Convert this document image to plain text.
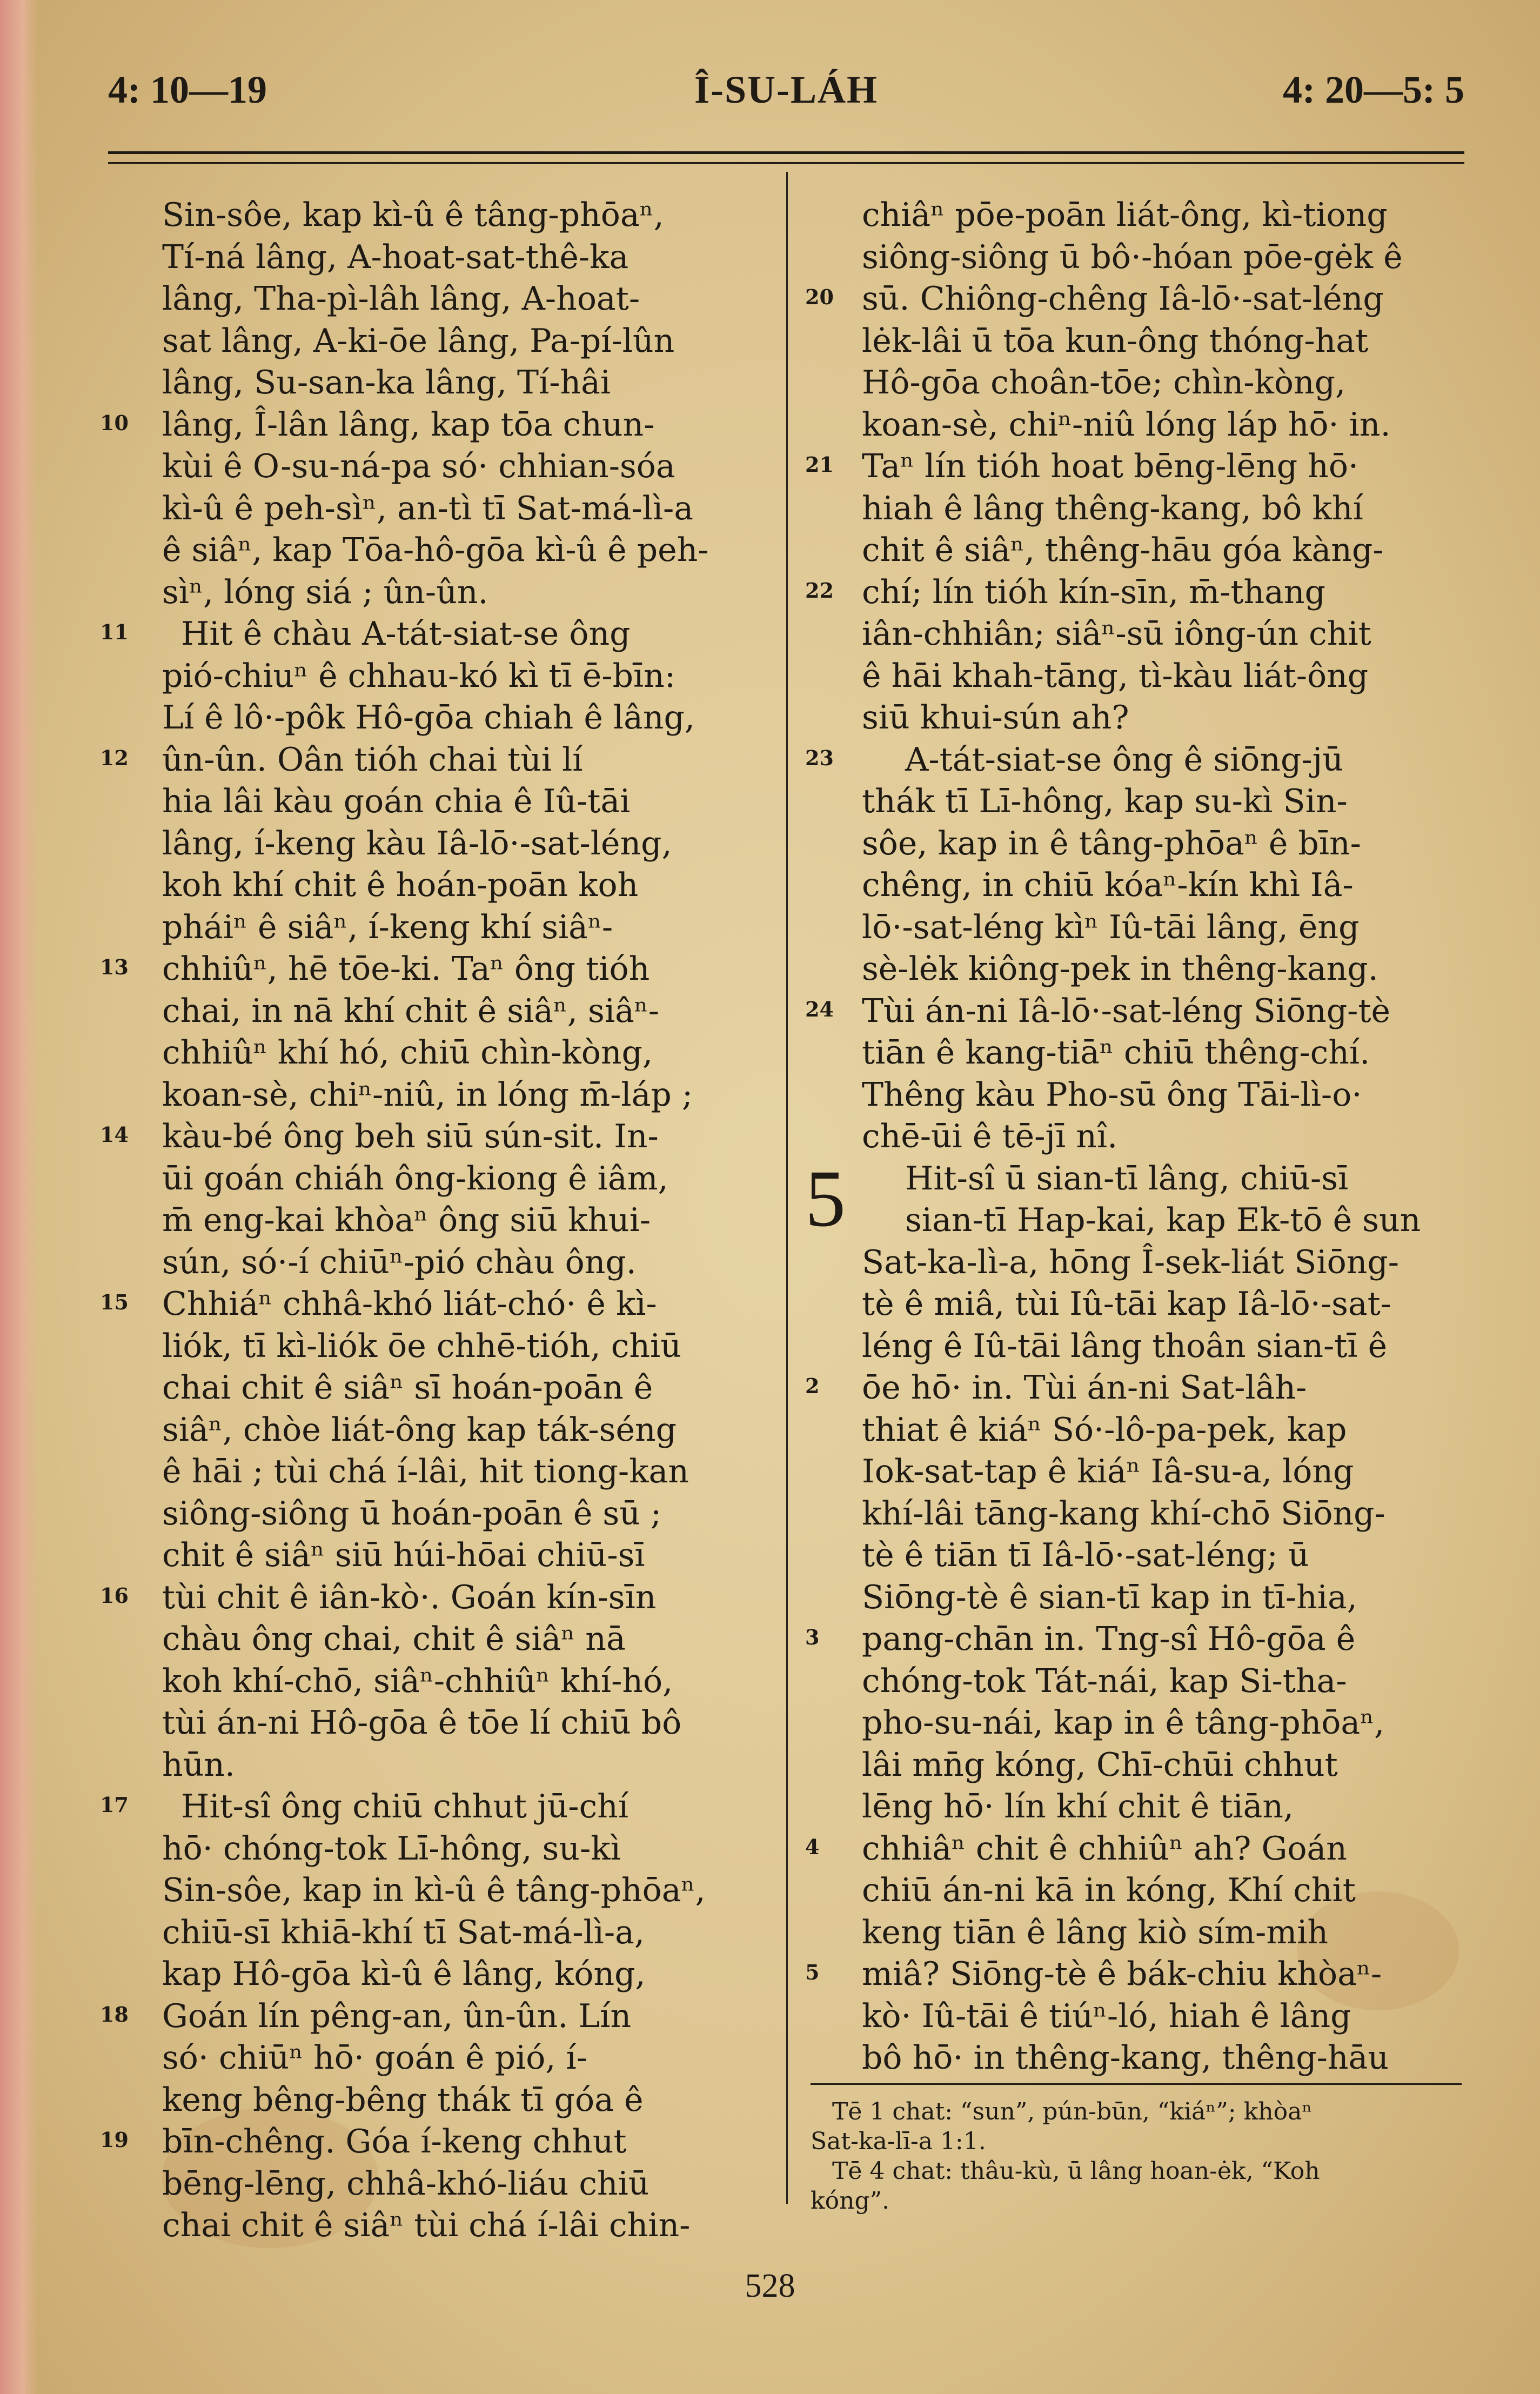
4: 10—19	Î-SU-LÁH	4: 20—5: 5
Sin-sôe, kap kì-û ê tâng-phōaⁿ,
Tí-ná lâng, A-hoat-sat-thê-ka
lâng, Tha-pì-lâh lâng, A-hoat-
sat lâng, A-ki-ōe lâng, Pa-pí-lûn
lâng, Su-san-ka lâng, Tí-hâi
10 lâng, Î-lân lâng, kap tōa chun-
kùi ê O-su-ná-pa só· chhian-sóa
kì-û ê peh-sìⁿ, an-tì tī Sat-má-lì-a
ê siâⁿ, kap Tōa-hô-gōa kì-û ê peh-
sìⁿ, lóng siá ; ûn-ûn.
11 Hit ê chàu A-tát-siat-se ông
pió-chiuⁿ ê chhau-kó kì tī ē-bīn:
Lí ê lô·-pôk Hô-gōa chiah ê lâng,
12 ûn-ûn. Oân tióh chai tùi lí
hia lâi kàu goán chia ê Iû-tāi
lâng, í-keng kàu Iâ-lō·-sat-léng,
koh khí chit ê hoán-poān koh
pháiⁿ ê siâⁿ, í-keng khí siâⁿ-
13 chhiûⁿ, hē tōe-ki. Taⁿ ông tióh
chai, in nā khí chit ê siâⁿ, siâⁿ-
chhiûⁿ khí hó, chiū chìn-kòng,
koan-sè, chiⁿ-niû, in lóng m̄-láp ;
14 kàu-bé ông beh siū sún-sit. In-
ūi goán chiáh ông-kiong ê iâm,
m̄ eng-kai khòaⁿ ông siū khui-
sún, só·-í chiūⁿ-pió chàu ông.
15 Chhiáⁿ chhâ-khó liát-chó· ê kì-
liók, tī kì-liók ōe chhē-tióh, chiū
chai chit ê siâⁿ sī hoán-poān ê
siâⁿ, chòe liát-ông kap ták-séng
ê hāi ; tùi chá í-lâi, hit tiong-kan
siông-siông ū hoán-poān ê sū ;
chit ê siâⁿ siū húi-hōai chiū-sī
16 tùi chit ê iân-kò·. Goán kín-sīn
chàu ông chai, chit ê siâⁿ nā
koh khí-chō, siâⁿ-chhiûⁿ khí-hó,
tùi án-ni Hô-gōa ê tōe lí chiū bô
hūn.
17 Hit-sî ông chiū chhut jū-chí
hō· chóng-tok Lī-hông, su-kì
Sin-sôe, kap in kì-û ê tâng-phōaⁿ,
chiū-sī khiā-khí tī Sat-má-lì-a,
kap Hô-gōa kì-û ê lâng, kóng,
18 Goán lín pêng-an, ûn-ûn. Lín
só· chiūⁿ hō· goán ê pió, í-
keng bêng-bêng thák tī góa ê
19 bīn-chêng. Góa í-keng chhut
bēng-lēng, chhâ-khó-liáu chiū
chai chit ê siâⁿ tùi chá í-lâi chin-
chiâⁿ pōe-poān liát-ông, kì-tiong
siông-siông ū bô·-hóan pōe-gėk ê
20 sū. Chiông-chêng Iâ-lō·-sat-léng
lėk-lâi ū tōa kun-ông thóng-hat
Hô-gōa choân-tōe; chìn-kòng,
koan-sè, chiⁿ-niû lóng láp hō· in.
21 Taⁿ lín tióh hoat bēng-lēng hō·
hiah ê lâng thêng-kang, bô khí
chit ê siâⁿ, thêng-hāu góa kàng-
22 chí; lín tióh kín-sīn, m̄-thang
iân-chhiân; siâⁿ-sū iông-ún chit
ê hāi khah-tāng, tì-kàu liát-ông
siū khui-sún ah?
23 A-tát-siat-se ông ê siōng-jū
thák tī Lī-hông, kap su-kì Sin-
sôe, kap in ê tâng-phōaⁿ ê bīn-
chêng, in chiū kóaⁿ-kín khì Iâ-
lō·-sat-léng kìⁿ Iû-tāi lâng, ēng
sè-lėk kiông-pek in thêng-kang.
24 Tùi án-ni Iâ-lō·-sat-léng Siōng-tè
tiān ê kang-tiāⁿ chiū thêng-chí.
Thêng kàu Pho-sū ông Tāi-lì-o·
chē-ūi ê tē-jī nî.
5 Hit-sî ū sian-tī lâng, chiū-sī
sian-tī Hap-kai, kap Ek-tō ê sun
Sat-ka-lì-a, hōng Î-sek-liát Siōng-
tè ê miâ, tùi Iû-tāi kap Iâ-lō·-sat-
léng ê Iû-tāi lâng thoân sian-tī ê
2 ōe hō· in. Tùi án-ni Sat-lâh-
thiat ê kiáⁿ Só·-lô-pa-pek, kap
Iok-sat-tap ê kiáⁿ Iâ-su-a, lóng
khí-lâi tāng-kang khí-chō Siōng-
tè ê tiān tī Iâ-lō·-sat-léng; ū
Siōng-tè ê sian-tī kap in tī-hia,
3 pang-chān in. Tng-sî Hô-gōa ê
chóng-tok Tát-nái, kap Si-tha-
pho-su-nái, kap in ê tâng-phōaⁿ,
lâi mn̄g kóng, Chī-chūi chhut
lēng hō· lín khí chit ê tiān,
4 chhiâⁿ chit ê chhiûⁿ ah? Goán
chiū án-ni kā in kóng, Khí chit
keng tiān ê lâng kiò sím-mih
5 miâ? Siōng-tè ê bák-chiu khòaⁿ-
kò· Iû-tāi ê tiúⁿ-ló, hiah ê lâng
bô hō· in thêng-kang, thêng-hāu
Tē 1 chat: “sun”, pún-būn, “kiáⁿ”; khòaⁿ
Sat-ka-lī-a 1:1.
Tē 4 chat: thâu-kù, ū lâng hoan-ėk, “Koh
kóng”.
528
